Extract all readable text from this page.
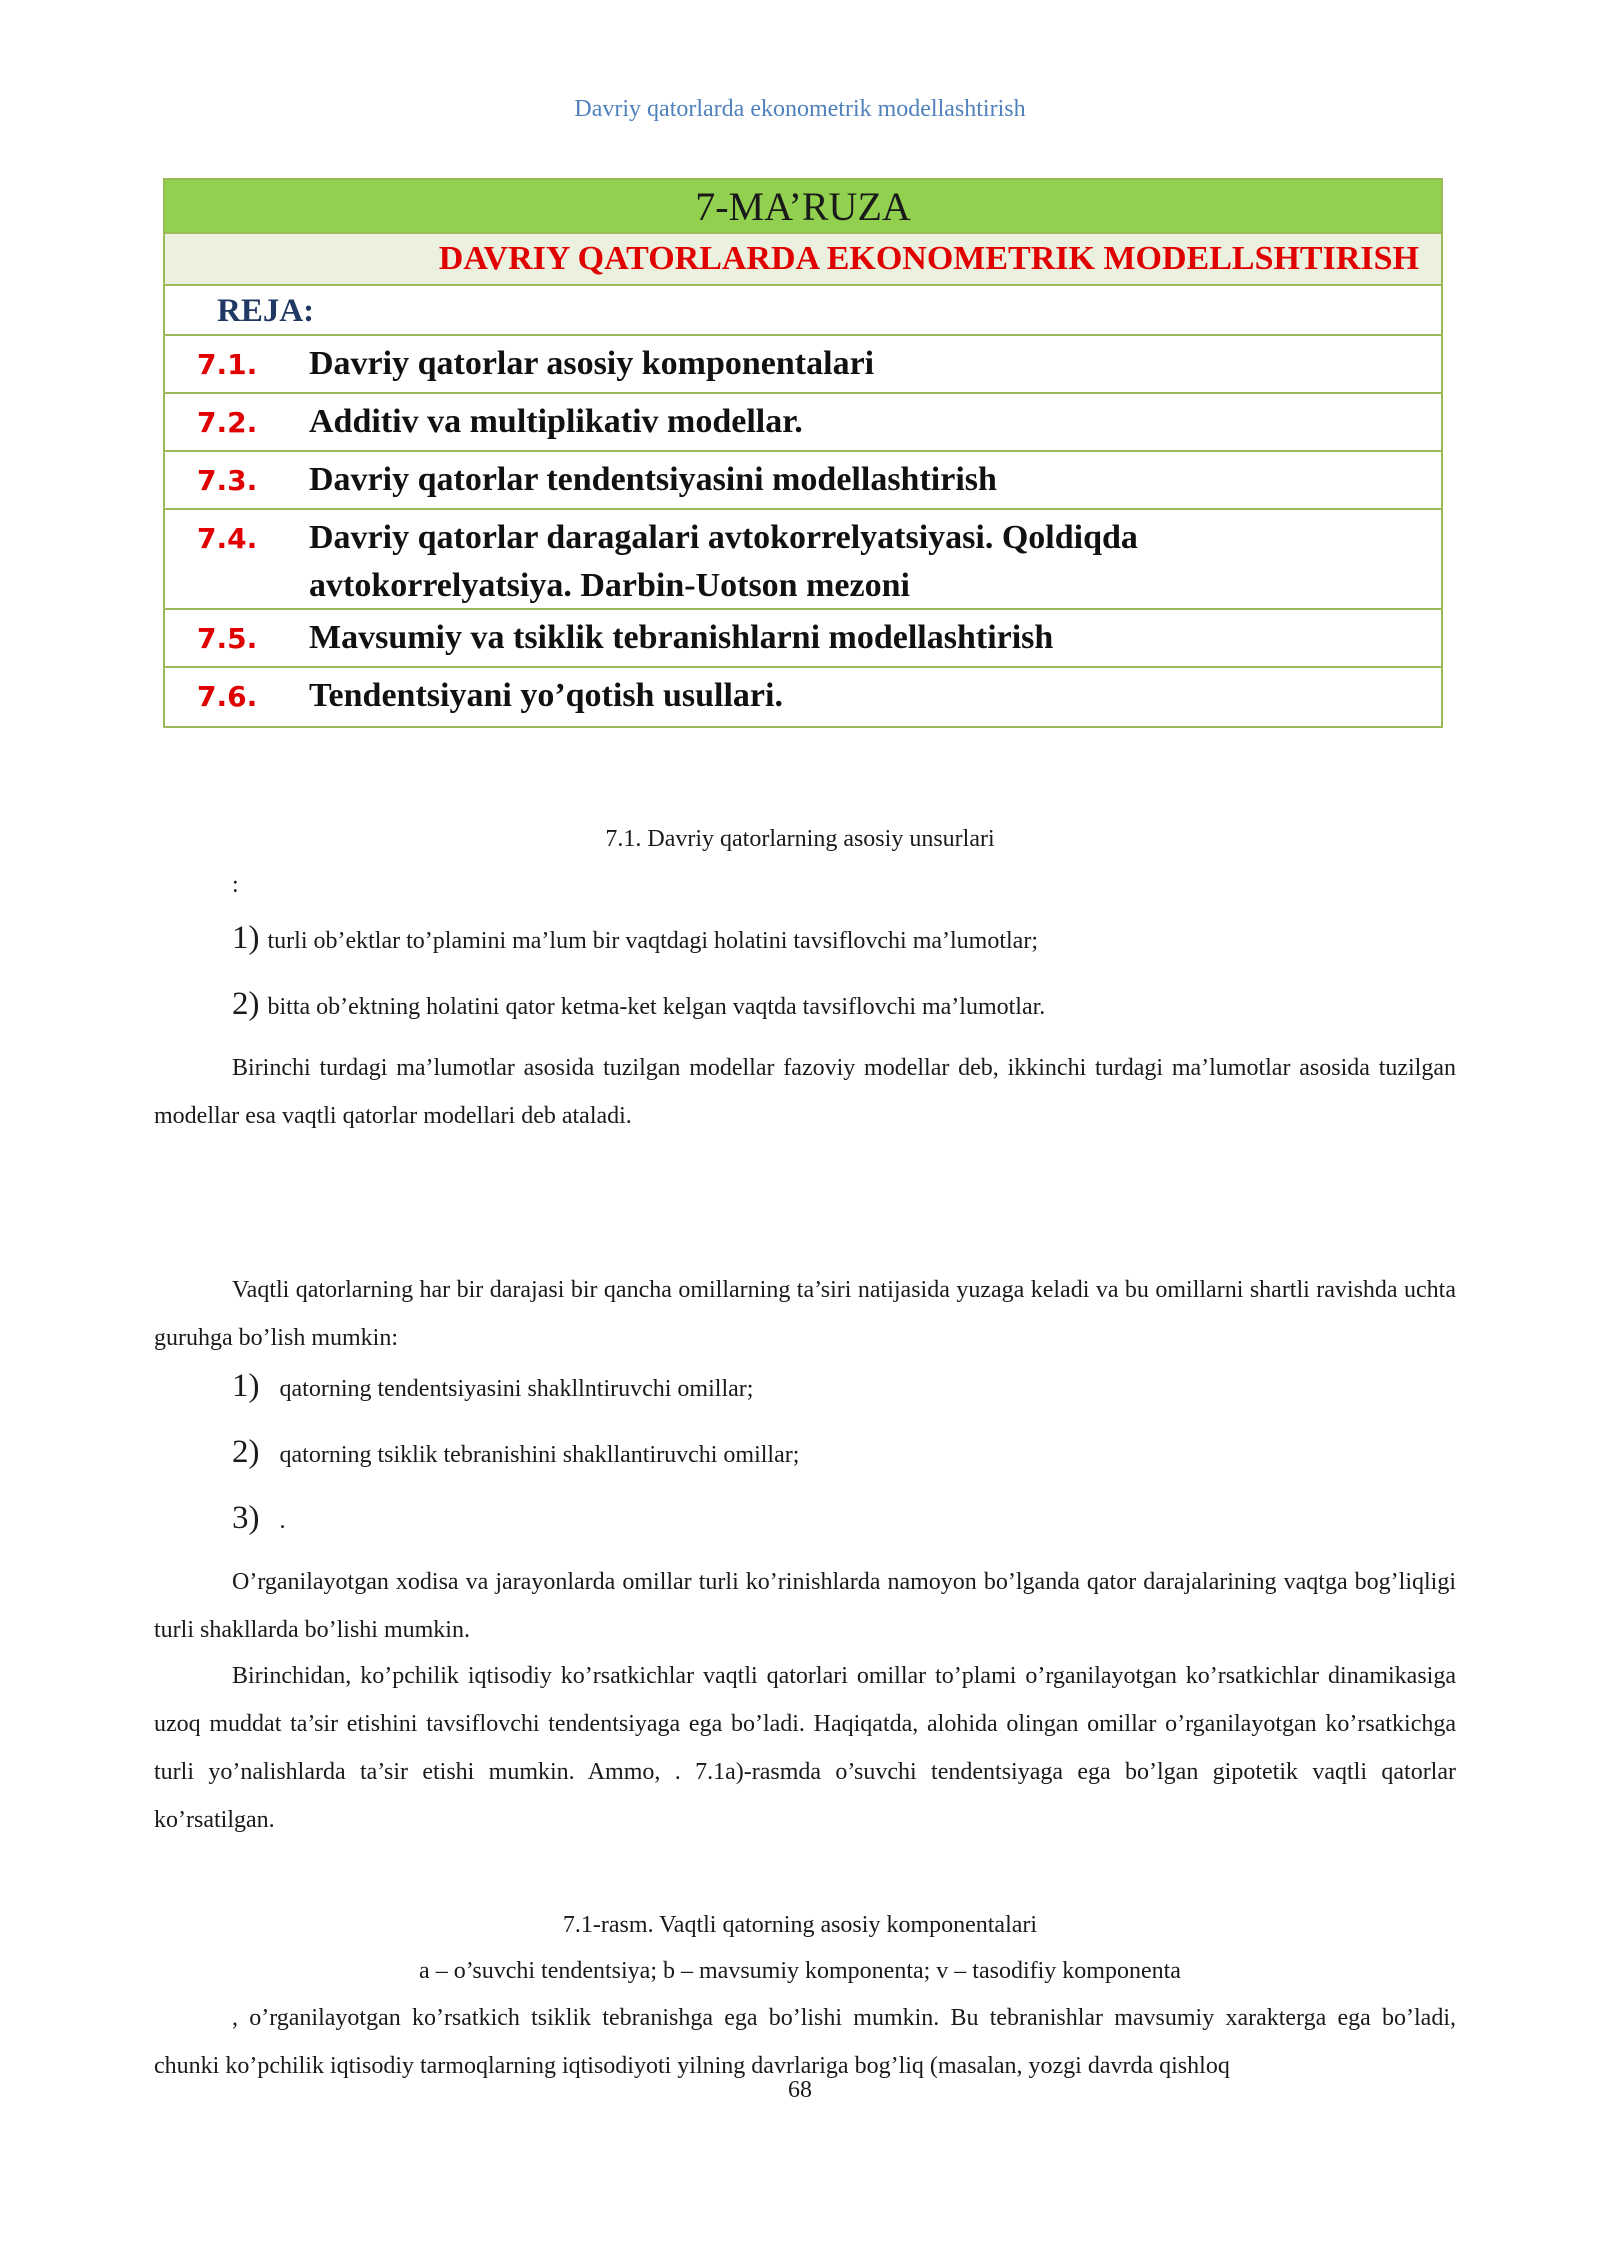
Davriy qatorlarda ekonometrik modellashtirish
7-MA’RUZA
DAVRIY QATORLARDA EKONOMETRIK MODELLSHTIRISH
REJA:
7.1. Davriy qatorlar asosiy komponentalari
7.2. Additiv va multiplikativ modellar.
7.3. Davriy qatorlar tendentsiyasini modellashtirish
7.4. Davriy qatorlar daragalari avtokorrelyatsiyasi. Qoldiqda avtokorrelyatsiya. Darbin-Uotson mezoni
7.5. Mavsumiy va tsiklik tebranishlarni modellashtirish
7.6. Tendentsiyani yo’qotish usullari.
7.1. Davriy qatorlarning asosiy unsurlari
:
1) turli ob’ektlar to’plamini ma’lum bir vaqtdagi holatini tavsiflovchi ma’lumotlar;
2) bitta ob’ektning holatini qator ketma-ket kelgan vaqtda tavsiflovchi ma’lumotlar.
Birinchi turdagi ma’lumotlar asosida tuzilgan modellar fazoviy modellar deb, ikkinchi turdagi ma’lumotlar asosida tuzilgan modellar esa vaqtli qatorlar modellari deb ataladi.
Vaqtli qatorlarning har bir darajasi bir qancha omillarning ta’siri natijasida yuzaga keladi va bu omillarni shartli ravishda uchta guruhga bo’lish mumkin:
1) qatorning tendentsiyasini shakllntiruvchi omillar;
2) qatorning tsiklik tebranishini shakllantiruvchi omillar;
3) .
O’rganilayotgan xodisa va jarayonlarda omillar turli ko’rinishlarda namoyon bo’lganda qator darajalarining vaqtga bog’liqligi turli shakllarda bo’lishi mumkin.
Birinchidan, ko’pchilik iqtisodiy ko’rsatkichlar vaqtli qatorlari omillar to’plami o’rganilayotgan ko’rsatkichlar dinamikasiga uzoq muddat ta’sir etishini tavsiflovchi tendentsiyaga ega bo’ladi. Haqiqatda, alohida olingan omillar o’rganilayotgan ko’rsatkichga turli yo’nalishlarda ta’sir etishi mumkin. Ammo, . 7.1a)-rasmda o’suvchi tendentsiyaga ega bo’lgan gipotetik vaqtli qatorlar ko’rsatilgan.
7.1-rasm. Vaqtli qatorning asosiy komponentalari
a – o’suvchi tendentsiya; b – mavsumiy komponenta; v – tasodifiy komponenta
, o’rganilayotgan ko’rsatkich tsiklik tebranishga ega bo’lishi mumkin. Bu tebranishlar mavsumiy xarakterga ega bo’ladi, chunki ko’pchilik iqtisodiy tarmoqlarning iqtisodiyoti yilning davrlariga bog’liq (masalan, yozgi davrda qishloq
68
